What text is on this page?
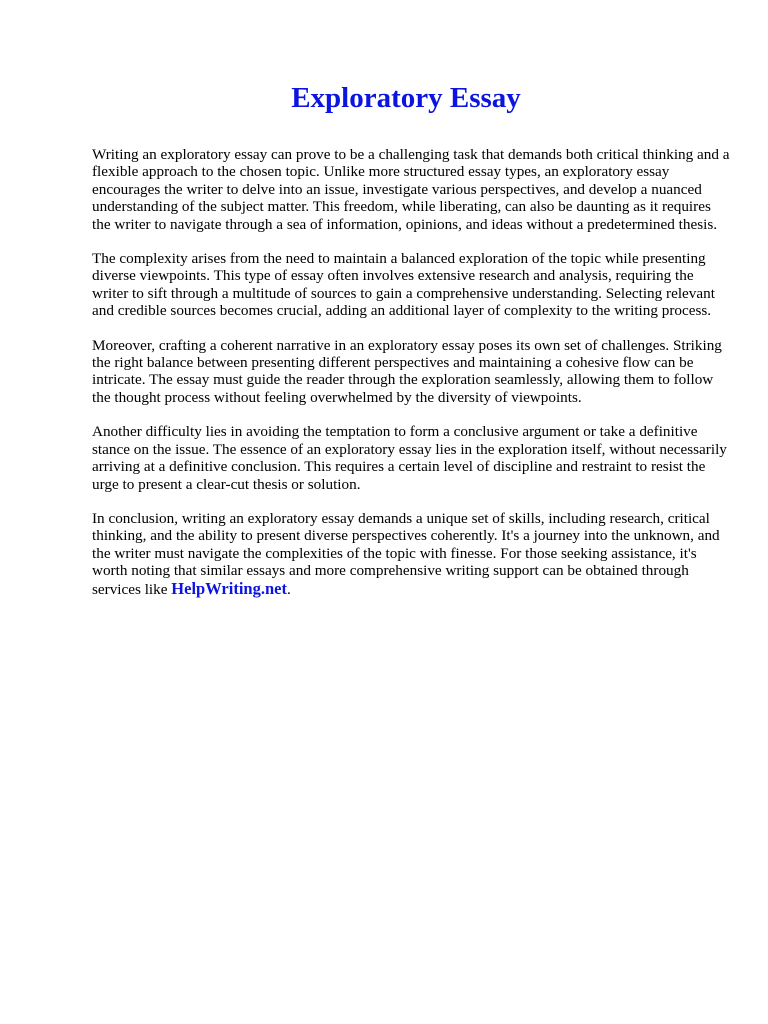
Exploratory Essay

Writing an exploratory essay can prove to be a challenging task that demands both critical thinking and a flexible approach to the chosen topic. Unlike more structured essay types, an exploratory essay encourages the writer to delve into an issue, investigate various perspectives, and develop a nuanced understanding of the subject matter. This freedom, while liberating, can also be daunting as it requires the writer to navigate through a sea of information, opinions, and ideas without a predetermined thesis.

The complexity arises from the need to maintain a balanced exploration of the topic while presenting diverse viewpoints. This type of essay often involves extensive research and analysis, requiring the writer to sift through a multitude of sources to gain a comprehensive understanding. Selecting relevant and credible sources becomes crucial, adding an additional layer of complexity to the writing process.

Moreover, crafting a coherent narrative in an exploratory essay poses its own set of challenges. Striking the right balance between presenting different perspectives and maintaining a cohesive flow can be intricate. The essay must guide the reader through the exploration seamlessly, allowing them to follow the thought process without feeling overwhelmed by the diversity of viewpoints.

Another difficulty lies in avoiding the temptation to form a conclusive argument or take a definitive stance on the issue. The essence of an exploratory essay lies in the exploration itself, without necessarily arriving at a definitive conclusion. This requires a certain level of discipline and restraint to resist the urge to present a clear-cut thesis or solution.

In conclusion, writing an exploratory essay demands a unique set of skills, including research, critical thinking, and the ability to present diverse perspectives coherently. It's a journey into the unknown, and the writer must navigate the complexities of the topic with finesse. For those seeking assistance, it's worth noting that similar essays and more comprehensive writing support can be obtained through services like HelpWriting.net.
